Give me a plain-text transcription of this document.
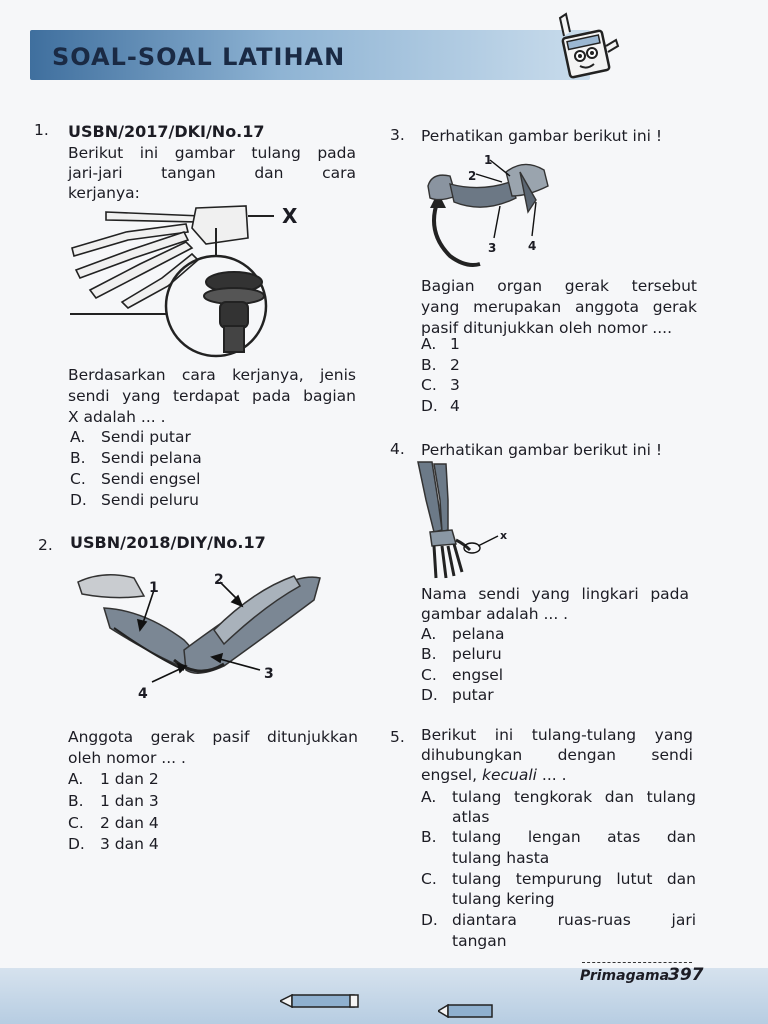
SOAL-SOAL LATIHAN
1. USBN/2017/DKI/No.17
Berikut ini gambar tulang pada
jari-jari tangan dan cara
kerjanya:
X
Berdasarkan cara kerjanya, jenis
sendi yang terdapat pada bagian
X adalah ... .
A. Sendi putar
B. Sendi pelana
C. Sendi engsel
D. Sendi peluru
2. USBN/2018/DIY/No.17
1	2
3
4
Anggota gerak pasif ditunjukkan
oleh nomor ... .
A. 1 dan 2
B. 1 dan 3
C. 2 dan 4
D. 3 dan 4
3. Perhatikan gambar berikut ini !
1
2
3	4
Bagian organ gerak tersebut
yang merupakan anggota gerak
pasif ditunjukkan oleh nomor ....
A. 1
B. 2
C. 3
D. 4
4. Perhatikan gambar berikut ini !
x
Nama sendi yang lingkari pada
gambar adalah ... .
A. pelana
B. peluru
C. engsel
D. putar
5. Berikut ini tulang-tulang yang
dihubungkan dengan sendi
engsel, kecuali ... .
A. tulang tengkorak dan tulang
atlas
B. tulang lengan atas dan
tulang hasta
C. tulang tempurung lutut dan
tulang kering
D. diantara ruas-ruas jari
tangan
Primagama
397
